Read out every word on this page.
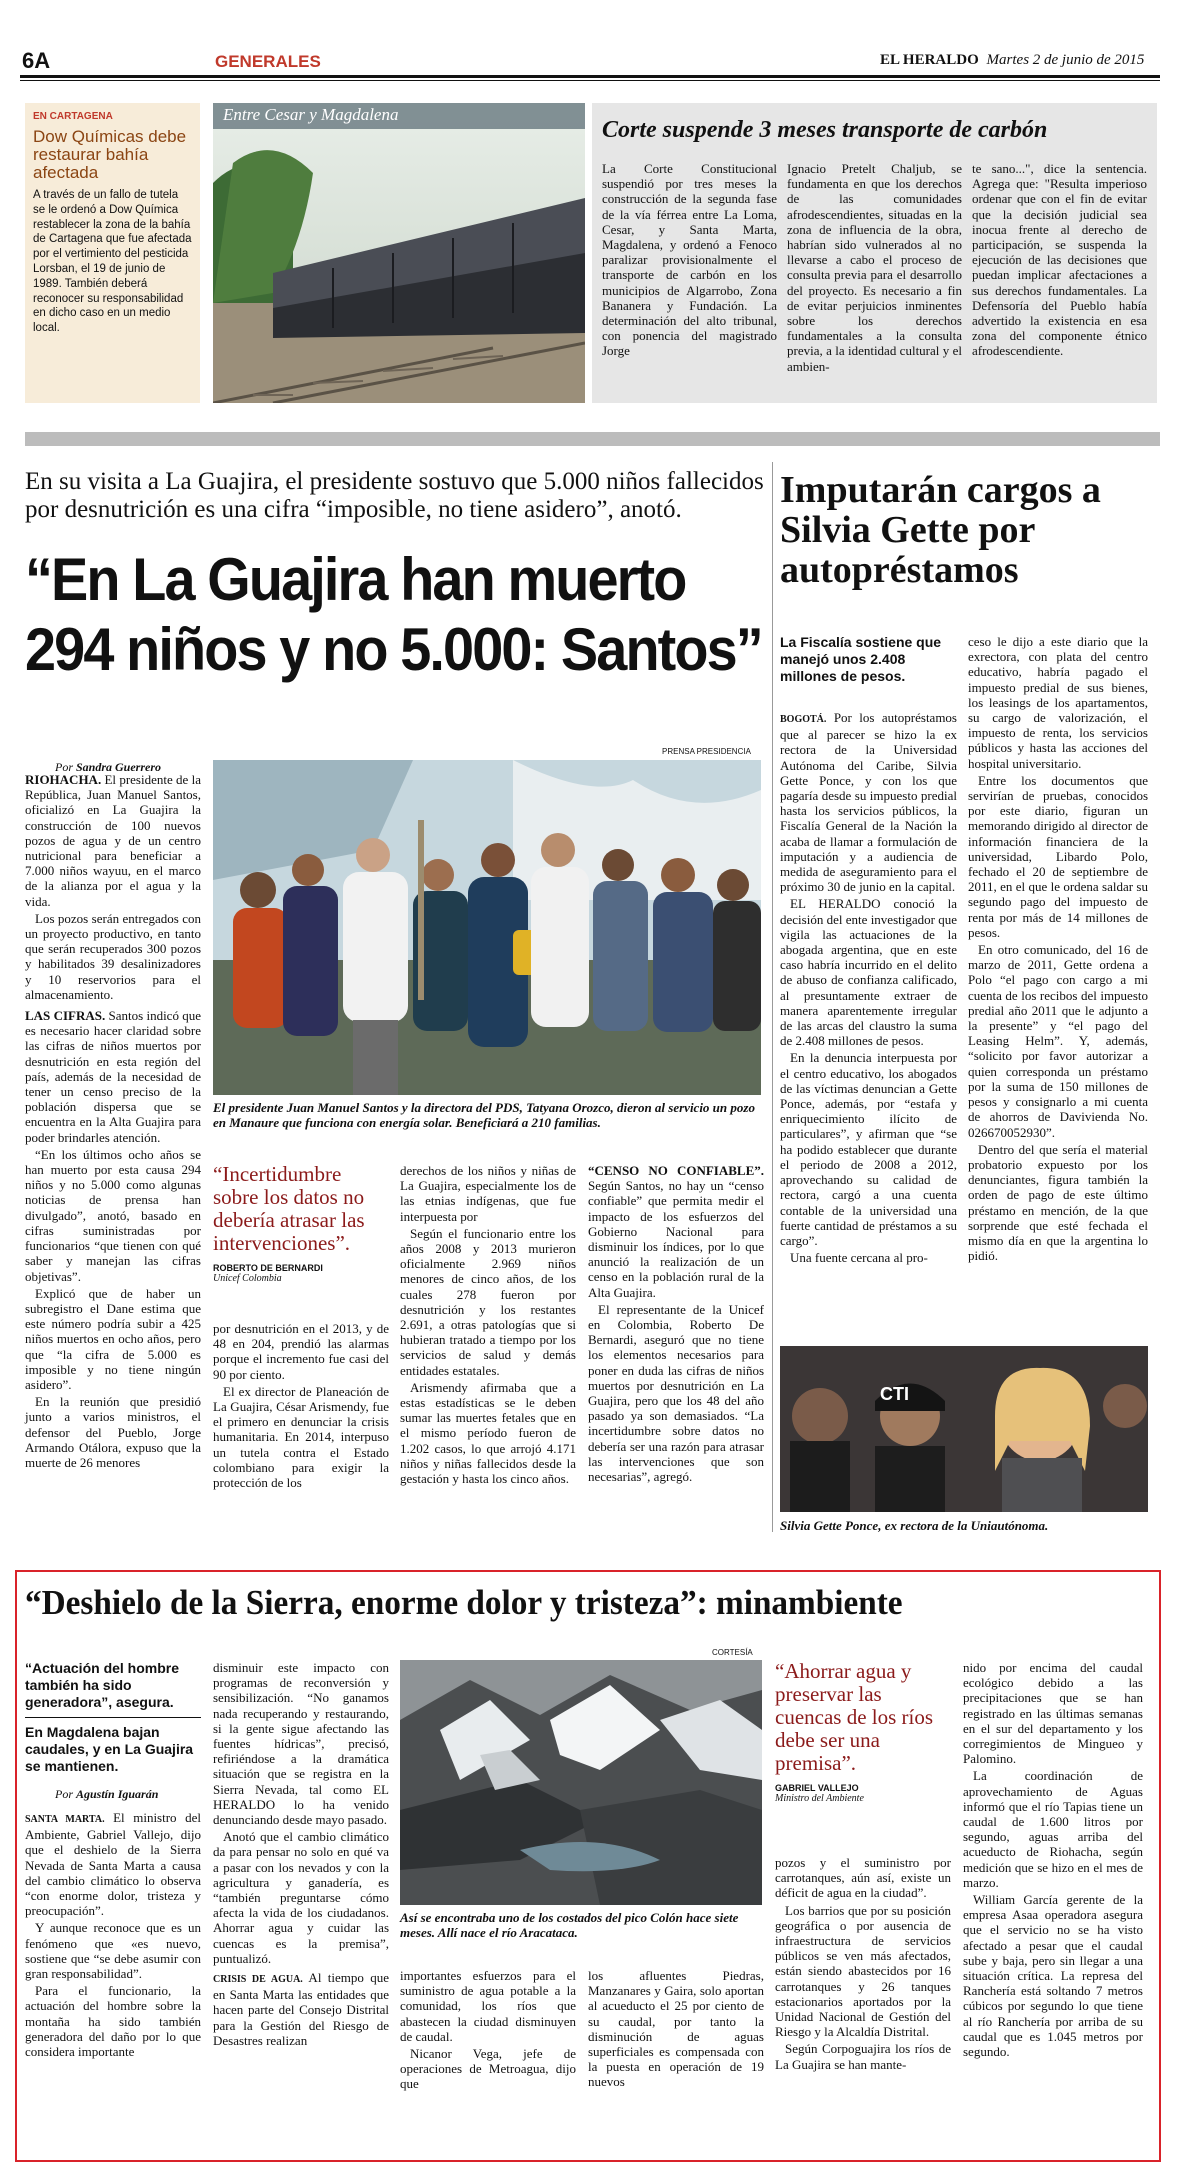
6A	GENERALES	EL HERALDO Martes 2 de junio de 2015
EN CARTAGENA
Dow Químicas debe restaurar bahía afectada
A través de un fallo de tutela se le ordenó a Dow Química restablecer la zona de la bahía de Cartagena que fue afectada por el vertimiento del pesticida Lorsban, el 19 de junio de 1989. También deberá reconocer su responsabilidad en dicho caso en un medio local.
Entre Cesar y Magdalena
Corte suspende 3 meses transporte de carbón

La Corte Constitucional suspendió por tres meses la construcción de la segunda fase de la vía férrea entre La Loma, Cesar, y Santa Marta, Magdalena, y ordenó a Fenoco paralizar provisionalmente el transporte de carbón en los municipios de Algarrobo, Zona Bananera y Fundación. La determinación del alto tribunal, con ponencia del magistrado Jorge

Ignacio Pretelt Chaljub, se fundamenta en que los derechos de las comunidades afrodescendientes, situadas en la zona de influencia de la obra, habrían sido vulnerados al no llevarse a cabo el proceso de consulta previa para el desarrollo del proyecto. Es necesario a fin de evitar perjuicios inminentes sobre los derechos fundamentales a la consulta previa, a la identidad cultural y el ambien-

te sano...", dice la sentencia. Agrega que: "Resulta imperioso ordenar que con el fin de evitar que la decisión judicial sea inocua frente al derecho de participación, se suspenda la ejecución de las decisiones que puedan implicar afectaciones a sus derechos fundamentales. La Defensoría del Pueblo había advertido la existencia en esa zona del componente étnico afrodescendiente.

En su visita a La Guajira, el presidente sostuvo que 5.000 niños fallecidos por desnutrición es una cifra “imposible, no tiene asidero”, anotó.
“En La Guajira han muerto
294 niños y no 5.000: Santos”
Por Sandra Guerrero
PRENSA PRESIDENCIA
El presidente Juan Manuel Santos y la directora del PDS, Tatyana Orozco, dieron al servicio un pozo en Manaure que funciona con energía solar. Beneficiará a 210 familias.

RIOHACHA. El presidente de la República, Juan Manuel Santos, oficializó en La Guajira la construcción de 100 nuevos pozos de agua y de un centro nutricional para beneficiar a 7.000 niños wayuu, en el marco de la alianza por el agua y la vida.

Los pozos serán entregados con un proyecto productivo, en tanto que serán recuperados 300 pozos y habilitados 39 desalinizadores y 10 reservorios para el almacenamiento.

LAS CIFRAS. Santos indicó que es necesario hacer claridad sobre las cifras de niños muertos por desnutrición en esta región del país, además de la necesidad de tener un censo preciso de la población dispersa que se encuentra en la Alta Guajira para poder brindarles atención.

“En los últimos ocho años se han muerto por esta causa 294 niños y no 5.000 como algunas noticias de prensa han divulgado”, anotó, basado en cifras suministradas por funcionarios “que tienen con qué saber y manejan las cifras objetivas”.

Explicó que de haber un subregistro el Dane estima que este número podría subir a 425 niños muertos en ocho años, pero que “la cifra de 5.000 es imposible y no tiene ningún asidero”.

En la reunión que presidió junto a varios ministros, el defensor del Pueblo, Jorge Armando Otálora, expuso que la muerte de 26 menores

“Incertidumbre sobre los datos no debería atrasar las intervenciones”.
ROBERTO DE BERNARDI
Unicef Colombia

por desnutrición en el 2013, y de 48 en 204, prendió las alarmas porque el incremento fue casi del 90 por ciento.

El ex director de Planeación de La Guajira, César Arismendy, fue el primero en denunciar la crisis humanitaria. En 2014, interpuso un tutela contra el Estado colombiano para exigir la protección de los

derechos de los niños y niñas de La Guajira, especialmente los de las etnias indígenas, que fue interpuesta por

Según el funcionario entre los años 2008 y 2013 murieron oficialmente 2.969 niños menores de cinco años, de los cuales 278 fueron por desnutrición y los restantes 2.691, a otras patologías que si hubieran tratado a tiempo por los servicios de salud y demás entidades estatales.

Arismendy afirmaba que a estas estadísticas se le deben sumar las muertes fetales que en el mismo período fueron de 1.202 casos, lo que arrojó 4.171 niños y niñas fallecidos desde la gestación y hasta los cinco años.

“CENSO NO CONFIABLE”. Según Santos, no hay un “censo confiable” que permita medir el impacto de los esfuerzos del Gobierno Nacional para disminuir los índices, por lo que anunció la realización de un censo en la población rural de la Alta Guajira.

El representante de la Unicef en Colombia, Roberto De Bernardi, aseguró que no tiene los elementos necesarios para poner en duda las cifras de niños muertos por desnutrición en La Guajira, pero que los 48 del año pasado ya son demasiados. “La incertidumbre sobre datos no debería ser una razón para atrasar las intervenciones que son necesarias”, agregó.

Imputarán cargos a Silvia Gette por autopréstamos
La Fiscalía sostiene que manejó unos 2.408 millones de pesos.

BOGOTÁ. Por los autopréstamos que al parecer se hizo la ex rectora de la Universidad Autónoma del Caribe, Silvia Gette Ponce, y con los que pagaría desde su impuesto predial hasta los servicios públicos, la Fiscalía General de la Nación la acaba de llamar a formulación de imputación y a audiencia de medida de aseguramiento para el próximo 30 de junio en la capital.

EL HERALDO conoció la decisión del ente investigador que vigila las actuaciones de la abogada argentina, que en este caso habría incurrido en el delito de abuso de confianza calificado, al presuntamente extraer de manera aparentemente irregular de las arcas del claustro la suma de 2.408 millones de pesos.

En la denuncia interpuesta por el centro educativo, los abogados de las víctimas denuncian a Gette Ponce, además, por “estafa y enriquecimiento ilícito de particulares”, y afirman que “se ha podido establecer que durante el periodo de 2008 a 2012, aprovechando su calidad de rectora, cargó a una cuenta contable de la universidad una fuerte cantidad de préstamos a su cargo”.

Una fuente cercana al pro-

ceso le dijo a este diario que la exrectora, con plata del centro educativo, habría pagado el impuesto predial de sus bienes, los leasings de los apartamentos, su cargo de valorización, el impuesto de renta, los servicios públicos y hasta las acciones del hospital universitario.

Entre los documentos que servirían de pruebas, conocidos por este diario, figuran un memorando dirigido al director de información financiera de la universidad, Libardo Polo, fechado el 20 de septiembre de 2011, en el que le ordena saldar su segundo pago del impuesto de renta por más de 14 millones de pesos.

En otro comunicado, del 16 de marzo de 2011, Gette ordena a Polo “el pago con cargo a mi cuenta de los recibos del impuesto predial año 2011 que le adjunto a la presente” y “el pago del Leasing Helm”. Y, además, “solicito por favor autorizar a quien corresponda un préstamo por la suma de 150 millones de pesos y consignarlo a mi cuenta de ahorros de Davivienda No. 026670052930”.

Dentro del que sería el material probatorio expuesto por los denunciantes, figura también la orden de pago de este último préstamo en mención, de la que sorprende que esté fechada el mismo día en que la argentina lo pidió.

CTI
Silvia Gette Ponce, ex rectora de la Uniautónoma.
“Deshielo de la Sierra, enorme dolor y tristeza”: minambiente
“Actuación del hombre también ha sido generadora”, asegura.
En Magdalena bajan caudales, y en La Guajira se mantienen.
Por Agustín Iguarán

SANTA MARTA. El ministro del Ambiente, Gabriel Vallejo, dijo que el deshielo de la Sierra Nevada de Santa Marta a causa del cambio climático lo observa “con enorme dolor, tristeza y preocupación”.

Y aunque reconoce que es un fenómeno que «es nuevo, sostiene que “se debe asumir con gran responsabilidad”.

Para el funcionario, la actuación del hombre sobre la montaña ha sido también generadora del daño por lo que considera importante

disminuir este impacto con programas de reconversión y sensibilización. “No ganamos nada recuperando y restaurando, si la gente sigue afectando las fuentes hídricas”, precisó, refiriéndose a la dramática situación que se registra en la Sierra Nevada, tal como EL HERALDO lo ha venido denunciando desde mayo pasado.

Anotó que el cambio climático da para pensar no solo en qué va a pasar con los nevados y con la agricultura y ganadería, es “también preguntarse cómo afecta la vida de los ciudadanos. Ahorrar agua y cuidar las cuencas es la premisa”, puntualizó.

CRISIS DE AGUA. Al tiempo que en Santa Marta las entidades que hacen parte del Consejo Distrital para la Gestión del Riesgo de Desastres realizan

CORTESÍA
Así se encontraba uno de los costados del pico Colón hace siete meses. Allí nace el río Aracataca.

importantes esfuerzos para el suministro de agua potable a la comunidad, los ríos que abastecen la ciudad disminuyen de caudal.

Nicanor Vega, jefe de operaciones de Metroagua, dijo que

los afluentes Piedras, Manzanares y Gaira, solo aportan al acueducto el 25 por ciento de su caudal, por tanto la disminución de aguas superficiales es compensada con la puesta en operación de 19 nuevos

“Ahorrar agua y preservar las cuencas de los ríos debe ser una premisa”.
GABRIEL VALLEJO
Ministro del Ambiente

pozos y el suministro por carrotanques, aún así, existe un déficit de agua en la ciudad”.

Los barrios que por su posición geográfica o por ausencia de infraestructura de servicios públicos se ven más afectados, están siendo abastecidos por 16 carrotanques y 26 tanques estacionarios aportados por la Unidad Nacional de Gestión del Riesgo y la Alcaldía Distrital.

Según Corpoguajira los ríos de La Guajira se han mante-

nido por encima del caudal ecológico debido a las precipitaciones que se han registrado en las últimas semanas en el sur del departamento y los corregimientos de Mingueo y Palomino.

La coordinación de aprovechamiento de Aguas informó que el río Tapias tiene un caudal de 1.600 litros por segundo, aguas arriba del acueducto de Riohacha, según medición que se hizo en el mes de marzo.

William García gerente de la empresa Asaa operadora asegura que el servicio no se ha visto afectado a pesar que el caudal sube y baja, pero sin llegar a una situación crítica. La represa del Ranchería está soltando 7 metros cúbicos por segundo lo que tiene al río Ranchería por arriba de su caudal que es 1.045 metros por segundo.
